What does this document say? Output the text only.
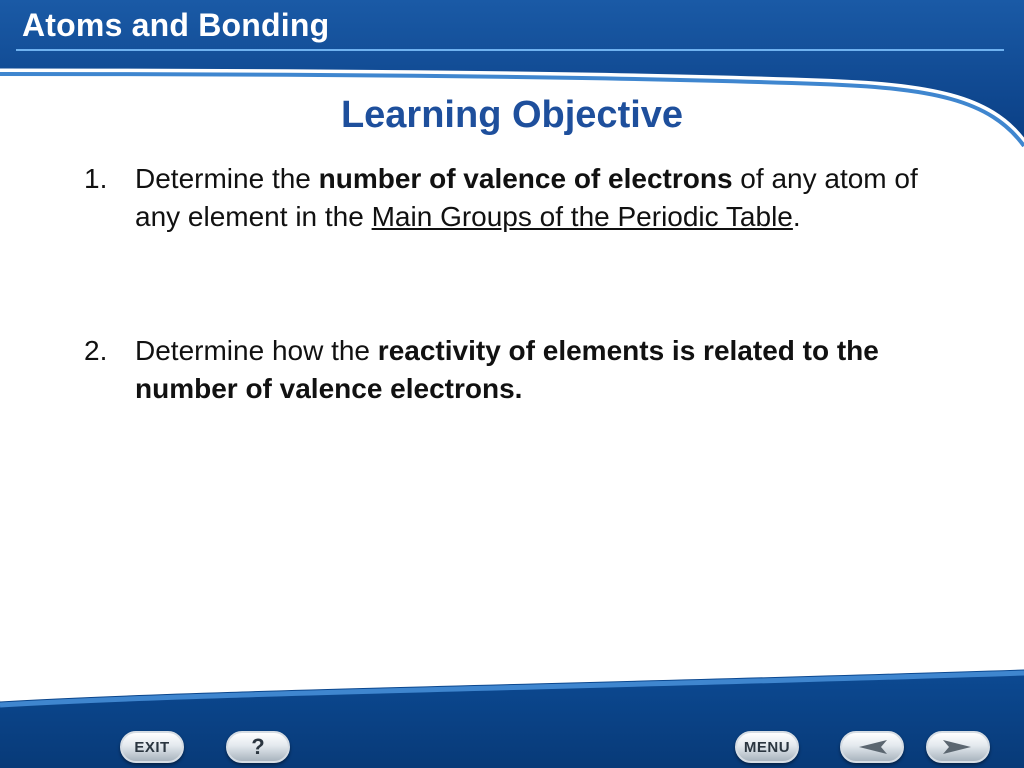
Atoms and Bonding
Learning Objective
1. Determine the number of valence of electrons of any atom of any element in the Main Groups of the Periodic Table.
2. Determine how the reactivity of elements is related to the number of valence electrons.
EXIT	?	MENU
